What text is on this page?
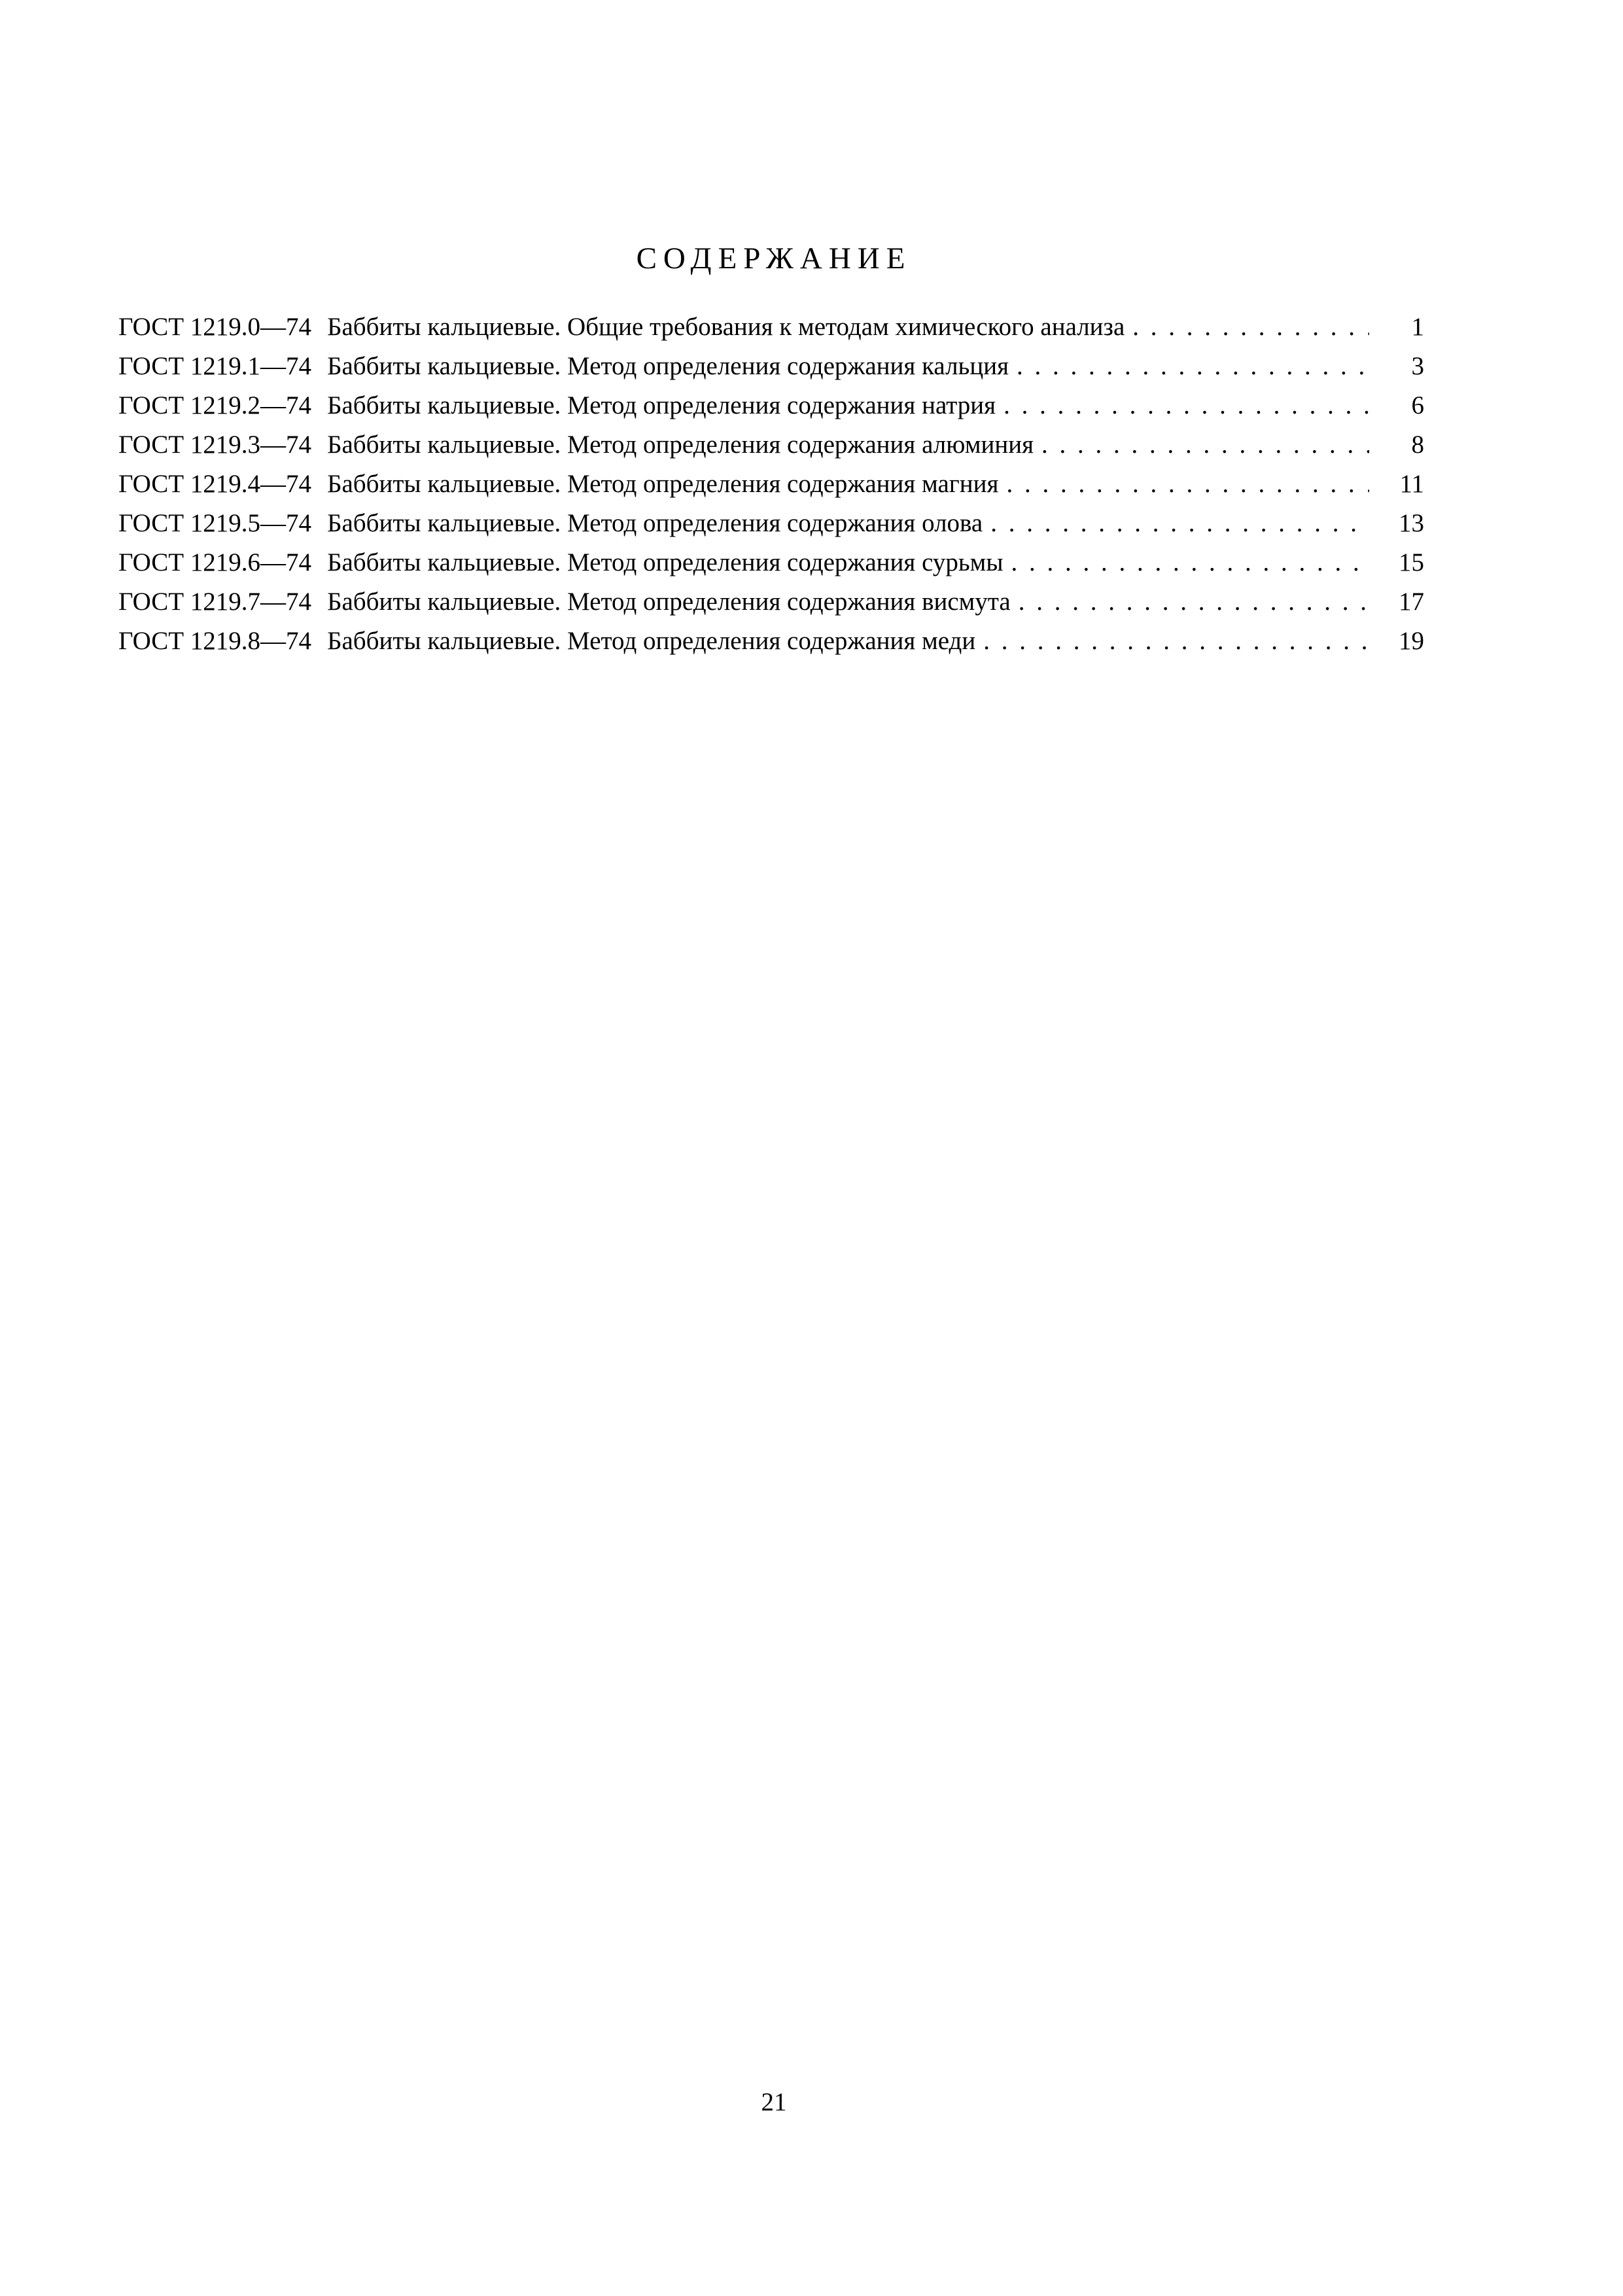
СОДЕРЖАНИЕ
ГОСТ 1219.0—74 Баббиты кальциевые. Общие требования к методам химического анализа . . .	1
ГОСТ 1219.1—74 Баббиты кальциевые. Метод определения содержания кальция . . .	3
ГОСТ 1219.2—74 Баббиты кальциевые. Метод определения содержания натрия . . .	6
ГОСТ 1219.3—74 Баббиты кальциевые. Метод определения содержания алюминия . . .	8
ГОСТ 1219.4—74 Баббиты кальциевые. Метод определения содержания магния . . .	11
ГОСТ 1219.5—74 Баббиты кальциевые. Метод определения содержания олова . . .	13
ГОСТ 1219.6—74 Баббиты кальциевые. Метод определения содержания сурьмы . . .	15
ГОСТ 1219.7—74 Баббиты кальциевые. Метод определения содержания висмута . . .	17
ГОСТ 1219.8—74 Баббиты кальциевые. Метод определения содержания меди . . .	19
21
